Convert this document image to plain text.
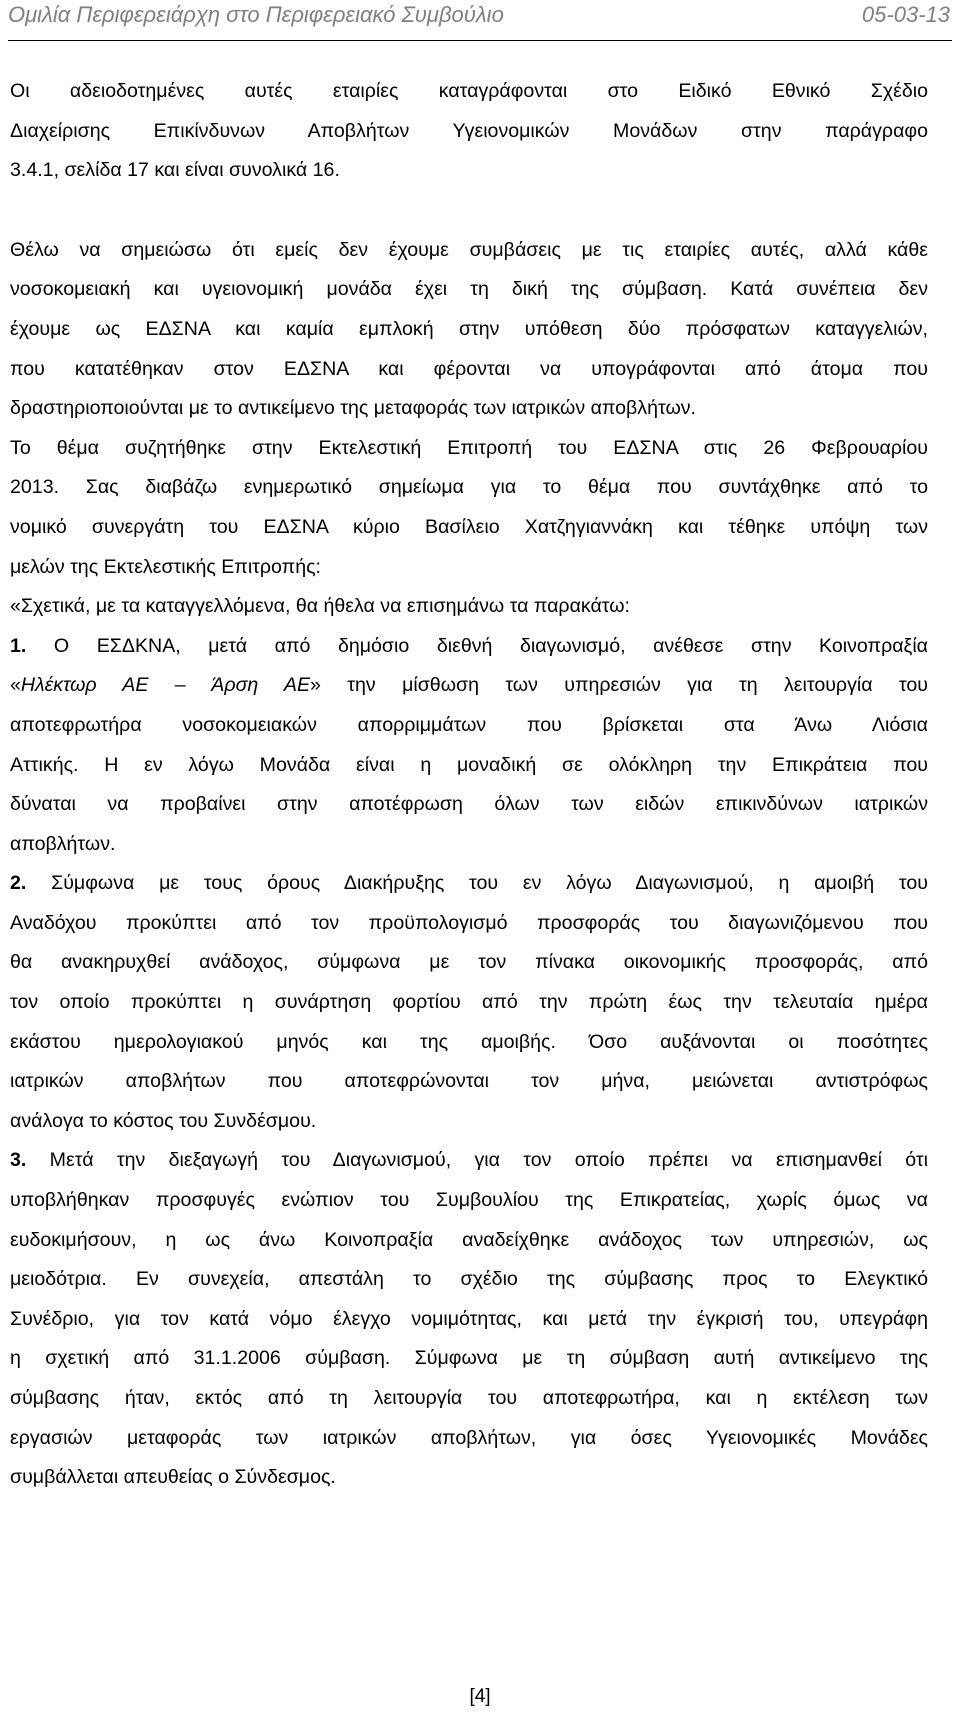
Ομιλία Περιφερειάρχη στο Περιφερειακό Συμβούλιο	05-03-13
Οι αδειοδοτημένες αυτές εταιρίες καταγράφονται στο Ειδικό Εθνικό Σχέδιο
Διαχείρισης Επικίνδυνων Αποβλήτων Υγειονομικών Μονάδων στην παράγραφο
3.4.1, σελίδα 17 και είναι συνολικά 16.
Θέλω να σημειώσω ότι εμείς δεν έχουμε συμβάσεις με τις εταιρίες αυτές, αλλά κάθε
νοσοκομειακή και υγειονομική μονάδα έχει τη δική της σύμβαση. Κατά συνέπεια δεν
έχουμε ως ΕΔΣΝΑ και καμία εμπλοκή στην υπόθεση δύο πρόσφατων καταγγελιών,
που κατατέθηκαν στον ΕΔΣΝΑ και φέρονται να υπογράφονται από άτομα που
δραστηριοποιούνται με το αντικείμενο της μεταφοράς των ιατρικών αποβλήτων.
Το θέμα συζητήθηκε στην Εκτελεστική Επιτροπή του ΕΔΣΝΑ στις 26 Φεβρουαρίου
2013. Σας διαβάζω ενημερωτικό σημείωμα για το θέμα που συντάχθηκε από το
νομικό συνεργάτη του ΕΔΣΝΑ κύριο Βασίλειο Χατζηγιαννάκη και τέθηκε υπόψη των
μελών της Εκτελεστικής Επιτροπής:
«Σχετικά, με τα καταγγελλόμενα, θα ήθελα να επισημάνω τα παρακάτω:
1. Ο ΕΣΔΚΝΑ, μετά από δημόσιο διεθνή διαγωνισμό, ανέθεσε στην Κοινοπραξία
«Ηλέκτωρ ΑΕ – Άρση ΑΕ» την μίσθωση των υπηρεσιών για τη λειτουργία του
αποτεφρωτήρα νοσοκομειακών απορριμμάτων που βρίσκεται στα Άνω Λιόσια
Αττικής. Η εν λόγω Μονάδα είναι η μοναδική σε ολόκληρη την Επικράτεια που
δύναται να προβαίνει στην αποτέφρωση όλων των ειδών επικινδύνων ιατρικών
αποβλήτων.
2. Σύμφωνα με τους όρους Διακήρυξης του εν λόγω Διαγωνισμού, η αμοιβή του
Αναδόχου προκύπτει από τον προϋπολογισμό προσφοράς του διαγωνιζόμενου που
θα ανακηρυχθεί ανάδοχος, σύμφωνα με τον πίνακα οικονομικής προσφοράς, από
τον οποίο προκύπτει η συνάρτηση φορτίου από την πρώτη έως την τελευταία ημέρα
εκάστου ημερολογιακού μηνός και της αμοιβής. Όσο αυξάνονται οι ποσότητες
ιατρικών αποβλήτων που αποτεφρώνονται τον μήνα, μειώνεται αντιστρόφως
ανάλογα το κόστος του Συνδέσμου.
3. Μετά την διεξαγωγή του Διαγωνισμού, για τον οποίο πρέπει να επισημανθεί ότι
υποβλήθηκαν προσφυγές ενώπιον του Συμβουλίου της Επικρατείας, χωρίς όμως να
ευδοκιμήσουν, η ως άνω Κοινοπραξία αναδείχθηκε ανάδοχος των υπηρεσιών, ως
μειοδότρια. Εν συνεχεία, απεστάλη το σχέδιο της σύμβασης προς το Ελεγκτικό
Συνέδριο, για τον κατά νόμο έλεγχο νομιμότητας, και μετά την έγκρισή του, υπεγράφη
η σχετική από 31.1.2006 σύμβαση. Σύμφωνα με τη σύμβαση αυτή αντικείμενο της
σύμβασης ήταν, εκτός από τη λειτουργία του αποτεφρωτήρα, και η εκτέλεση των
εργασιών μεταφοράς των ιατρικών αποβλήτων, για όσες Υγειονομικές Μονάδες
συμβάλλεται απευθείας ο Σύνδεσμος.
[4]
